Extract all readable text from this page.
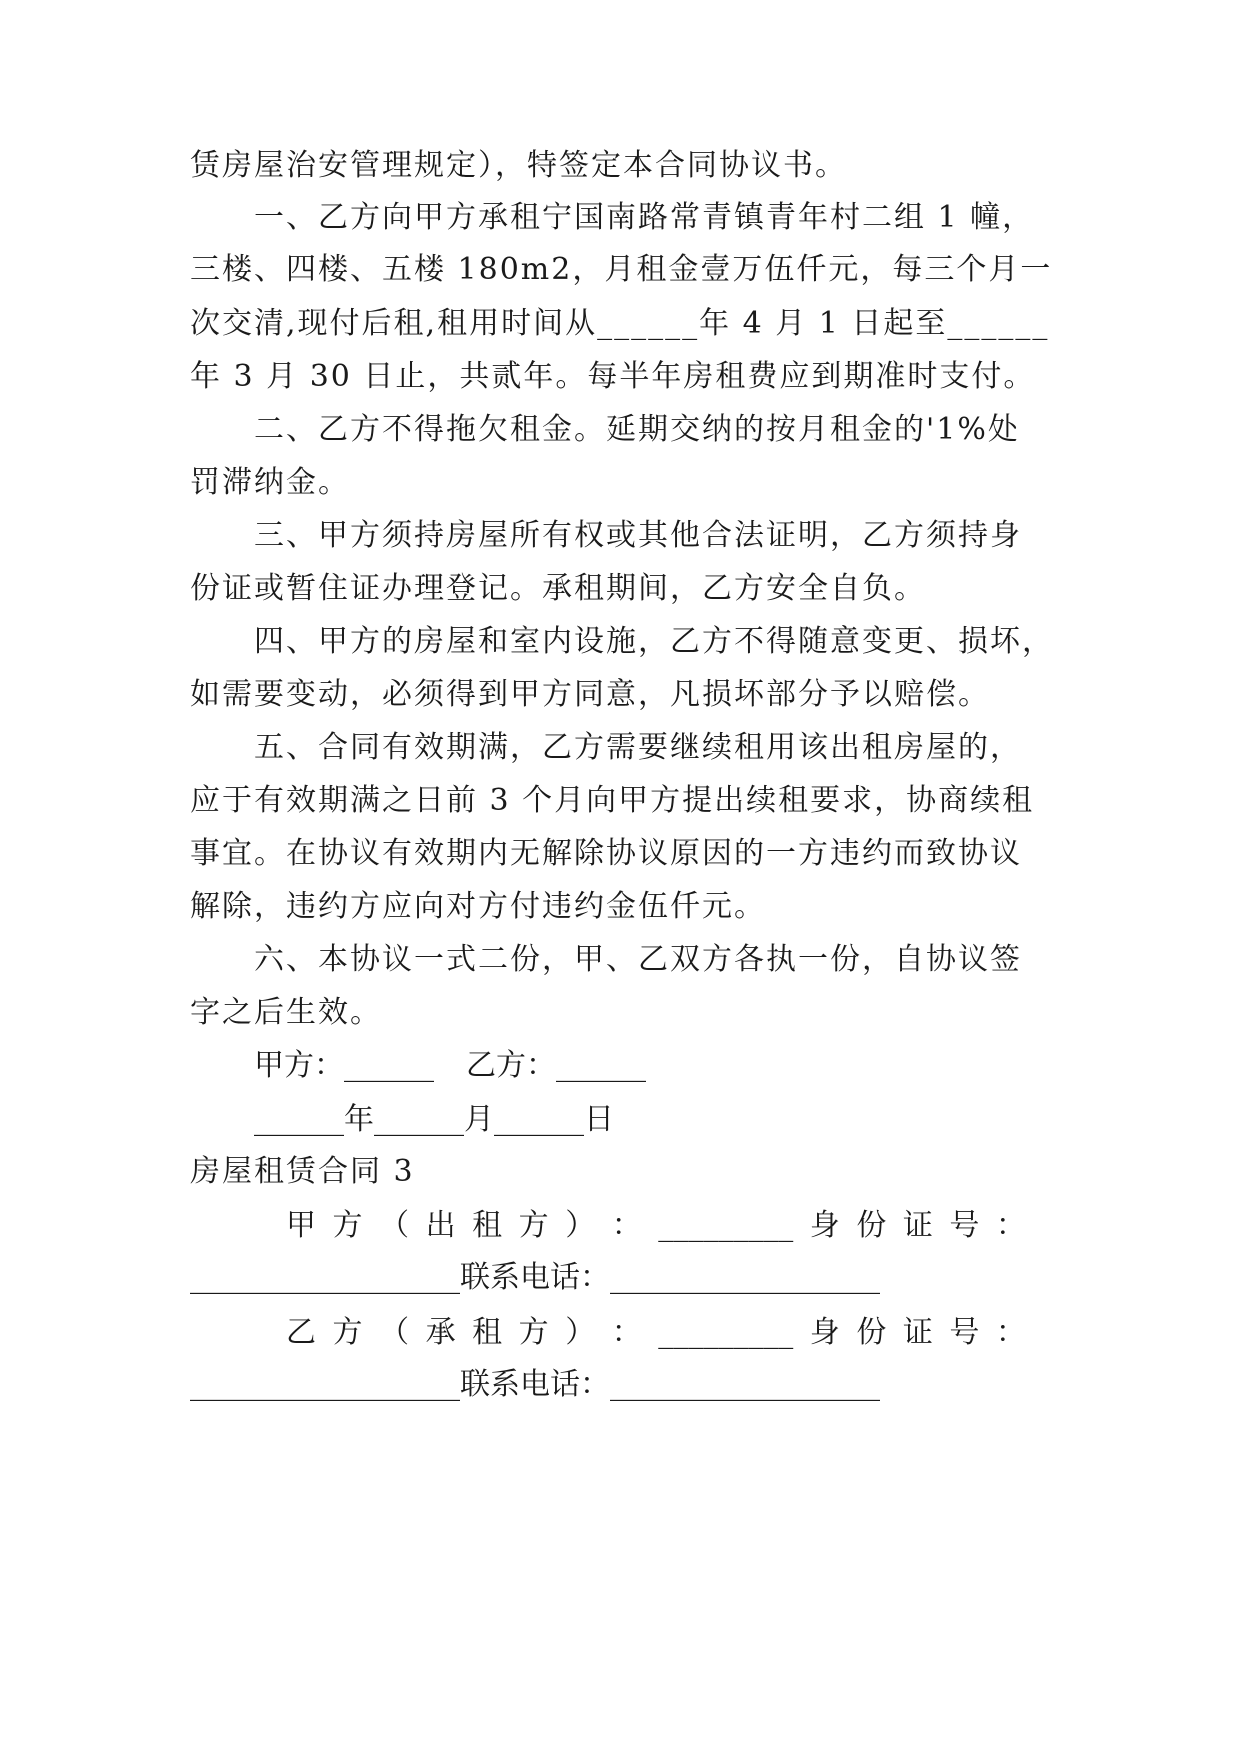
赁房屋治安管理规定），特签定本合同协议书。
一、乙方向甲方承租宁国南路常青镇青年村二组 1 幢，
三楼、四楼、五楼 180m2，月租金壹万伍仟元，每三个月一
次交清,现付后租,租用时间从______年 4 月 1 日起至______
年 3 月 30 日止，共贰年。每半年房租费应到期准时支付。
二、乙方不得拖欠租金。延期交纳的按月租金的'1%处
罚滞纳金。
三、甲方须持房屋所有权或其他合法证明，乙方须持身
份证或暂住证办理登记。承租期间，乙方安全自负。
四、甲方的房屋和室内设施，乙方不得随意变更、损坏，
如需要变动，必须得到甲方同意，凡损坏部分予以赔偿。
五、合同有效期满，乙方需要继续租用该出租房屋的，
应于有效期满之日前 3 个月向甲方提出续租要求，协商续租
事宜。在协议有效期内无解除协议原因的一方违约而致协议
解除，违约方应向对方付违约金伍仟元。
六、本协议一式二份，甲、乙双方各执一份，自协议签
字之后生效。
甲方：______ 乙方：______
______年______月______日
房屋租赁合同 3
甲 方 （ 出 租 方 ） ： _________ 身 份 证 号 ：
__________________联系电话：__________________
乙 方 （ 承 租 方 ） ： _________ 身 份 证 号 ：
__________________联系电话：__________________
